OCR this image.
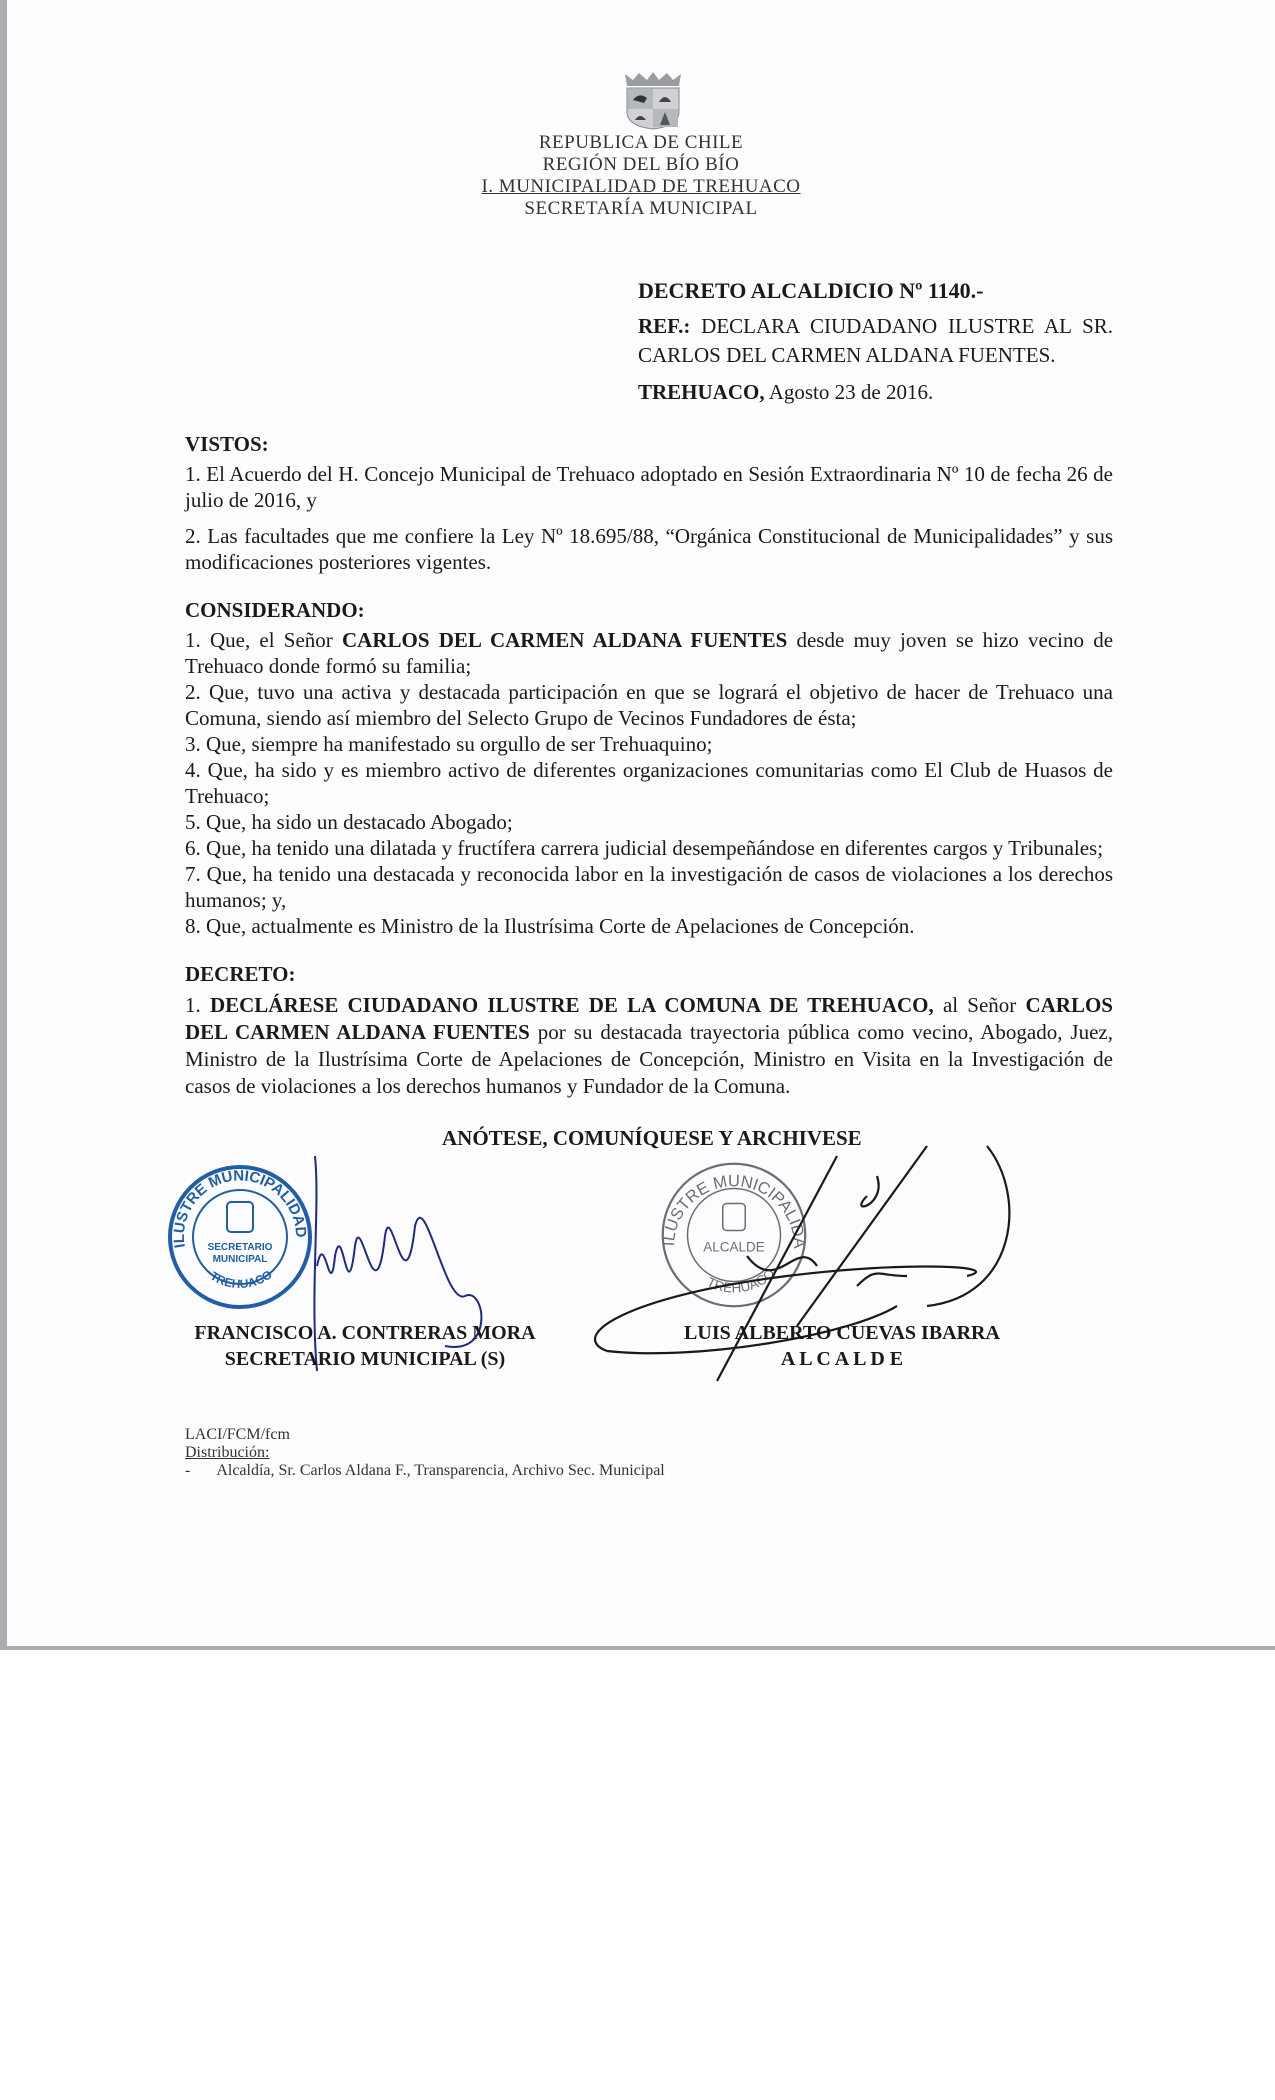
REPUBLICA DE CHILE
REGIÓN DEL BÍO BÍO
I. MUNICIPALIDAD DE TREHUACO
SECRETARÍA MUNICIPAL
DECRETO ALCALDICIO Nº 1140.-
REF.: DECLARA CIUDADANO ILUSTRE AL SR. CARLOS DEL CARMEN ALDANA FUENTES.
TREHUACO, Agosto 23 de 2016.

VISTOS:

1. El Acuerdo del H. Concejo Municipal de Trehuaco adoptado en Sesión Extraordinaria Nº 10 de fecha 26 de julio de 2016, y

2. Las facultades que me confiere la Ley Nº 18.695/88, “Orgánica Constitucional de Municipalidades” y sus modificaciones posteriores vigentes.

CONSIDERANDO:

1. Que, el Señor CARLOS DEL CARMEN ALDANA FUENTES desde muy joven se hizo vecino de Trehuaco donde formó su familia;

2. Que, tuvo una activa y destacada participación en que se logrará el objetivo de hacer de Trehuaco una Comuna, siendo así miembro del Selecto Grupo de Vecinos Fundadores de ésta;

3. Que, siempre ha manifestado su orgullo de ser Trehuaquino;

4. Que, ha sido y es miembro activo de diferentes organizaciones comunitarias como El Club de Huasos de Trehuaco;

5. Que, ha sido un destacado Abogado;

6. Que, ha tenido una dilatada y fructífera carrera judicial desempeñándose en diferentes cargos y Tribunales;

7. Que, ha tenido una destacada y reconocida labor en la investigación de casos de violaciones a los derechos humanos; y,

8. Que, actualmente es Ministro de la Ilustrísima Corte de Apelaciones de Concepción.

DECRETO:

1. DECLÁRESE CIUDADANO ILUSTRE DE LA COMUNA DE TREHUACO, al Señor CARLOS DEL CARMEN ALDANA FUENTES por su destacada trayectoria pública como vecino, Abogado, Juez, Ministro de la Ilustrísima Corte de Apelaciones de Concepción, Ministro en Visita en la Investigación de casos de violaciones a los derechos humanos y Fundador de la Comuna.

ANÓTESE, COMUNÍQUESE Y ARCHIVESE
ILUSTRE MUNICIPALIDAD
TREHUACO
SECRETARIO
MUNICIPAL
ILUSTRE MUNICIPALIDAD
TREHUACO
ALCALDE
FRANCISCO A. CONTRERAS MORA
SECRETARIO MUNICIPAL (S)
LUIS ALBERTO CUEVAS IBARRA
A L C A L D E
LACI/FCM/fcm
Distribución:
- Alcaldía, Sr. Carlos Aldana F., Transparencia, Archivo Sec. Municipal
